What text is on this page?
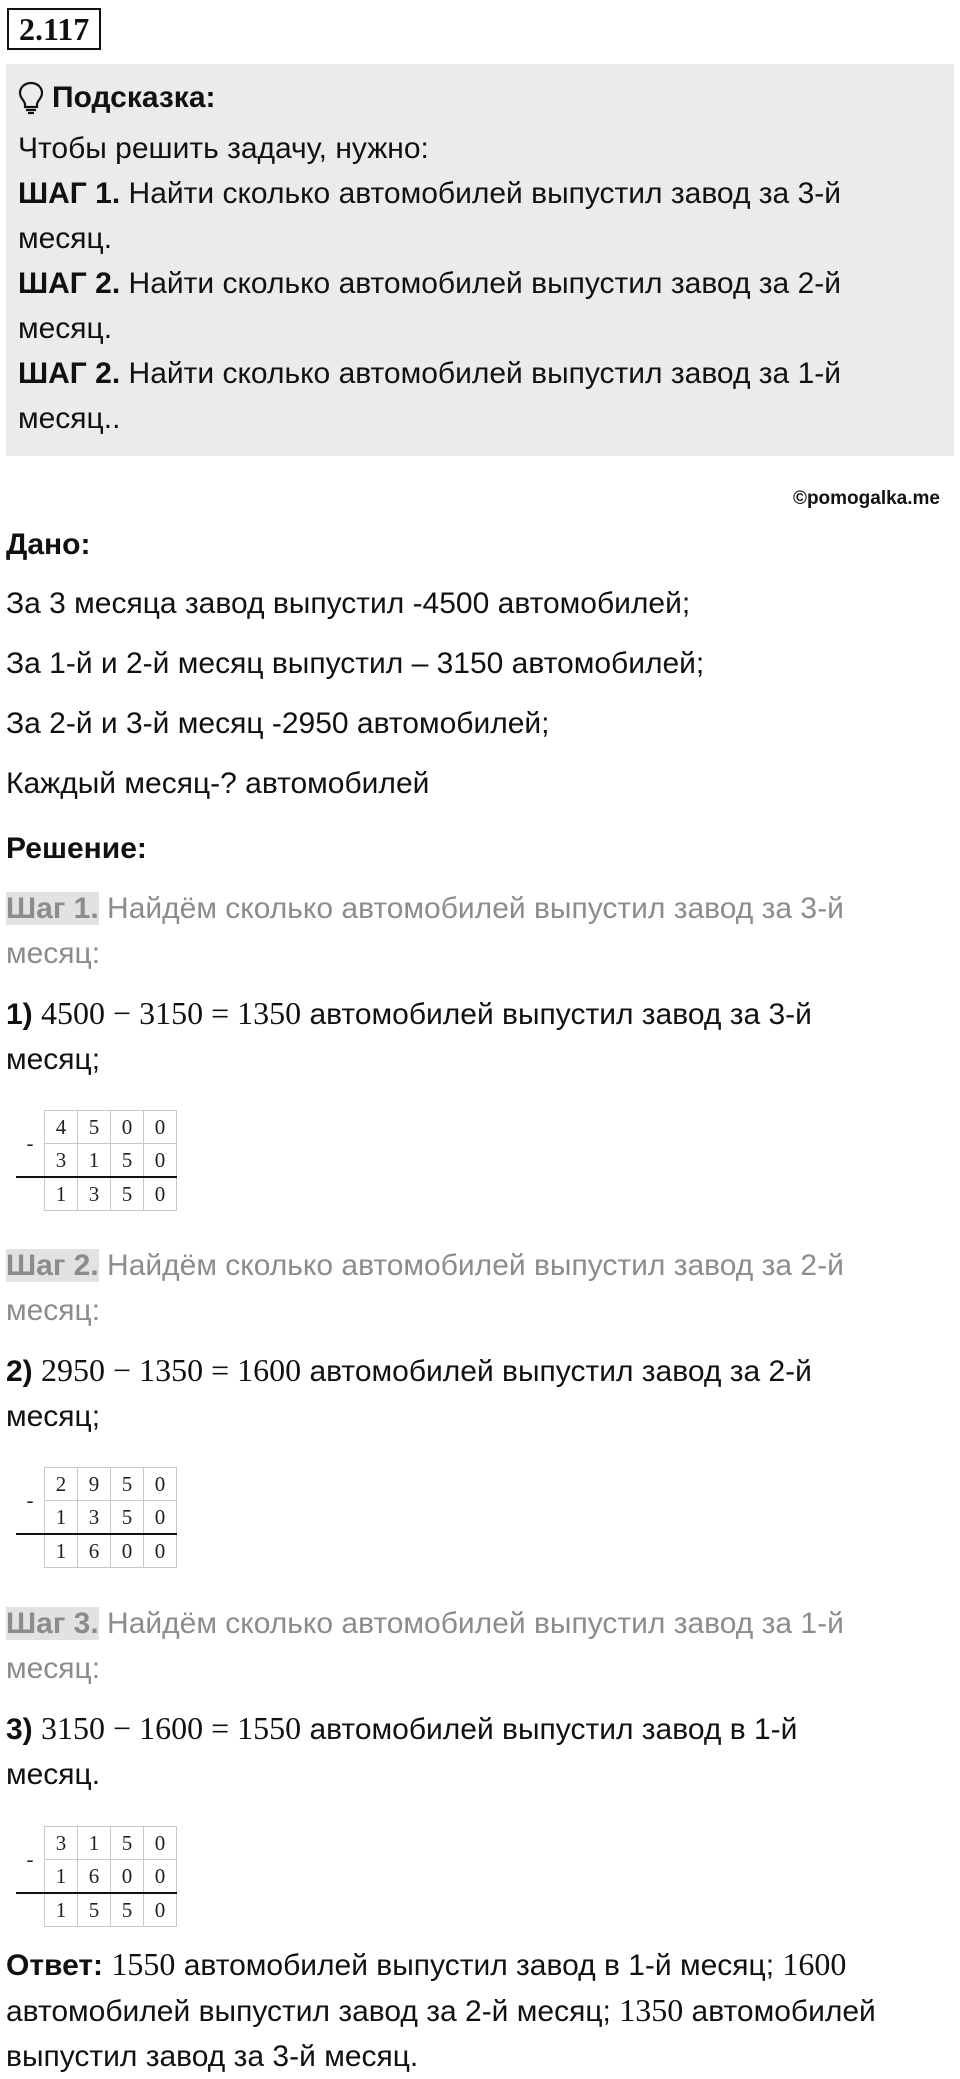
2.117
Подсказка:

Чтобы решить задачу, нужно:

ШАГ 1. Найти сколько автомобилей выпустил завод за 3-й

месяц.

ШАГ 2. Найти сколько автомобилей выпустил завод за 2-й

месяц.

ШАГ 2. Найти сколько автомобилей выпустил завод за 1-й

месяц..

©pomogalka.me
Дано:
За 3 месяца завод выпустил -4500 автомобилей;
За 1-й и 2-й месяц выпустил – 3150 автомобилей;
За 2-й и 3-й месяц -2950 автомобилей;
Каждый месяц-? автомобилей
Решение:
Шаг 1. Найдём сколько автомобилей выпустил завод за 3-й
месяц:
1) 4500 − 3150 = 1350 автомобилей выпустил завод за 3-й
месяц;
-	4	5	0	0
	3	1	5	0
	1	3	5	0
Шаг 2. Найдём сколько автомобилей выпустил завод за 2-й
месяц:
2) 2950 − 1350 = 1600 автомобилей выпустил завод за 2-й
месяц;
-	2	9	5	0
	1	3	5	0
	1	6	0	0
Шаг 3. Найдём сколько автомобилей выпустил завод за 1-й
месяц:
3) 3150 − 1600 = 1550 автомобилей выпустил завод в 1-й
месяц.
-	3	1	5	0
	1	6	0	0
	1	5	5	0
Ответ: 1550 автомобилей выпустил завод в 1-й месяц; 1600
автомобилей выпустил завод за 2-й месяц; 1350 автомобилей
выпустил завод за 3-й месяц.
